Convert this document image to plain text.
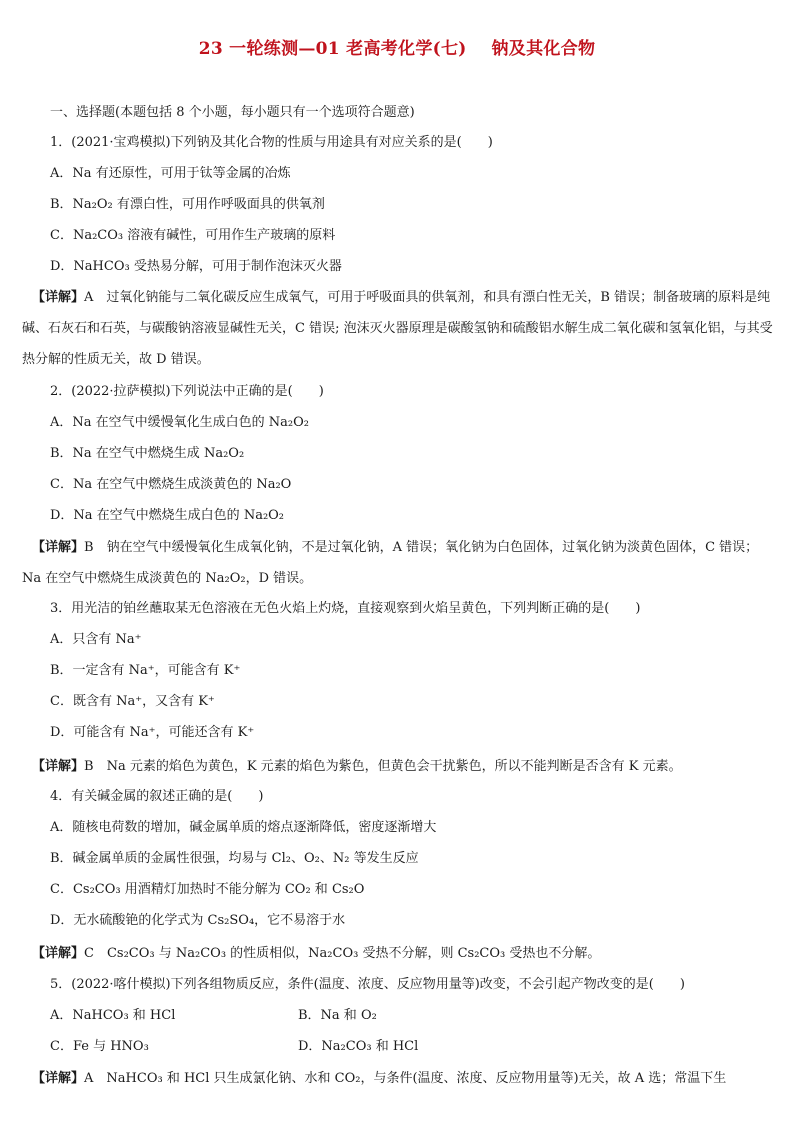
23 一轮练测—01 老高考化学(七)    钠及其化合物
一、选择题(本题包括 8 个小题，每小题只有一个选项符合题意)
1．(2021·宝鸡模拟)下列钠及其化合物的性质与用途具有对应关系的是(　　)
A．Na 有还原性，可用于钛等金属的冶炼
B．Na₂O₂ 有漂白性，可用作呼吸面具的供氧剂
C．Na₂CO₃ 溶液有碱性，可用作生产玻璃的原料
D．NaHCO₃ 受热易分解，可用于制作泡沫灭火器
【详解】A　过氧化钠能与二氧化碳反应生成氧气，可用于呼吸面具的供氧剂，和具有漂白性无关，B 错误；制备玻璃的原料是纯碱、石灰石和石英，与碳酸钠溶液显碱性无关，C 错误; 泡沫灭火器原理是碳酸氢钠和硫酸铝水解生成二氧化碳和氢氧化铝，与其受热分解的性质无关，故 D 错误。
2．(2022·拉萨模拟)下列说法中正确的是(　　)
A．Na 在空气中缓慢氧化生成白色的 Na₂O₂
B．Na 在空气中燃烧生成 Na₂O₂
C．Na 在空气中燃烧生成淡黄色的 Na₂O
D．Na 在空气中燃烧生成白色的 Na₂O₂
【详解】B　钠在空气中缓慢氧化生成氧化钠，不是过氧化钠，A 错误；氧化钠为白色固体，过氧化钠为淡黄色固体，C 错误；Na 在空气中燃烧生成淡黄色的 Na₂O₂，D 错误。
3．用光洁的铂丝蘸取某无色溶液在无色火焰上灼烧，直接观察到火焰呈黄色，下列判断正确的是(　　)
A．只含有 Na⁺
B．一定含有 Na⁺，可能含有 K⁺
C．既含有 Na⁺，又含有 K⁺
D．可能含有 Na⁺，可能还含有 K⁺
【详解】B　Na 元素的焰色为黄色，K 元素的焰色为紫色，但黄色会干扰紫色，所以不能判断是否含有 K 元素。
4．有关碱金属的叙述正确的是(　　)
A．随核电荷数的增加，碱金属单质的熔点逐渐降低，密度逐渐增大
B．碱金属单质的金属性很强，均易与 Cl₂、O₂、N₂ 等发生反应
C．Cs₂CO₃ 用酒精灯加热时不能分解为 CO₂ 和 Cs₂O
D．无水硫酸铯的化学式为 Cs₂SO₄，它不易溶于水
【详解】C　Cs₂CO₃ 与 Na₂CO₃ 的性质相似，Na₂CO₃ 受热不分解，则 Cs₂CO₃ 受热也不分解。
5．(2022·喀什模拟)下列各组物质反应，条件(温度、浓度、反应物用量等)改变，不会引起产物改变的是(　　)
A．NaHCO₃ 和 HCl	B．Na 和 O₂
C．Fe 与 HNO₃	D．Na₂CO₃ 和 HCl
【详解】A　NaHCO₃ 和 HCl 只生成氯化钠、水和 CO₂，与条件(温度、浓度、反应物用量等)无关，故 A 选；常温下生
